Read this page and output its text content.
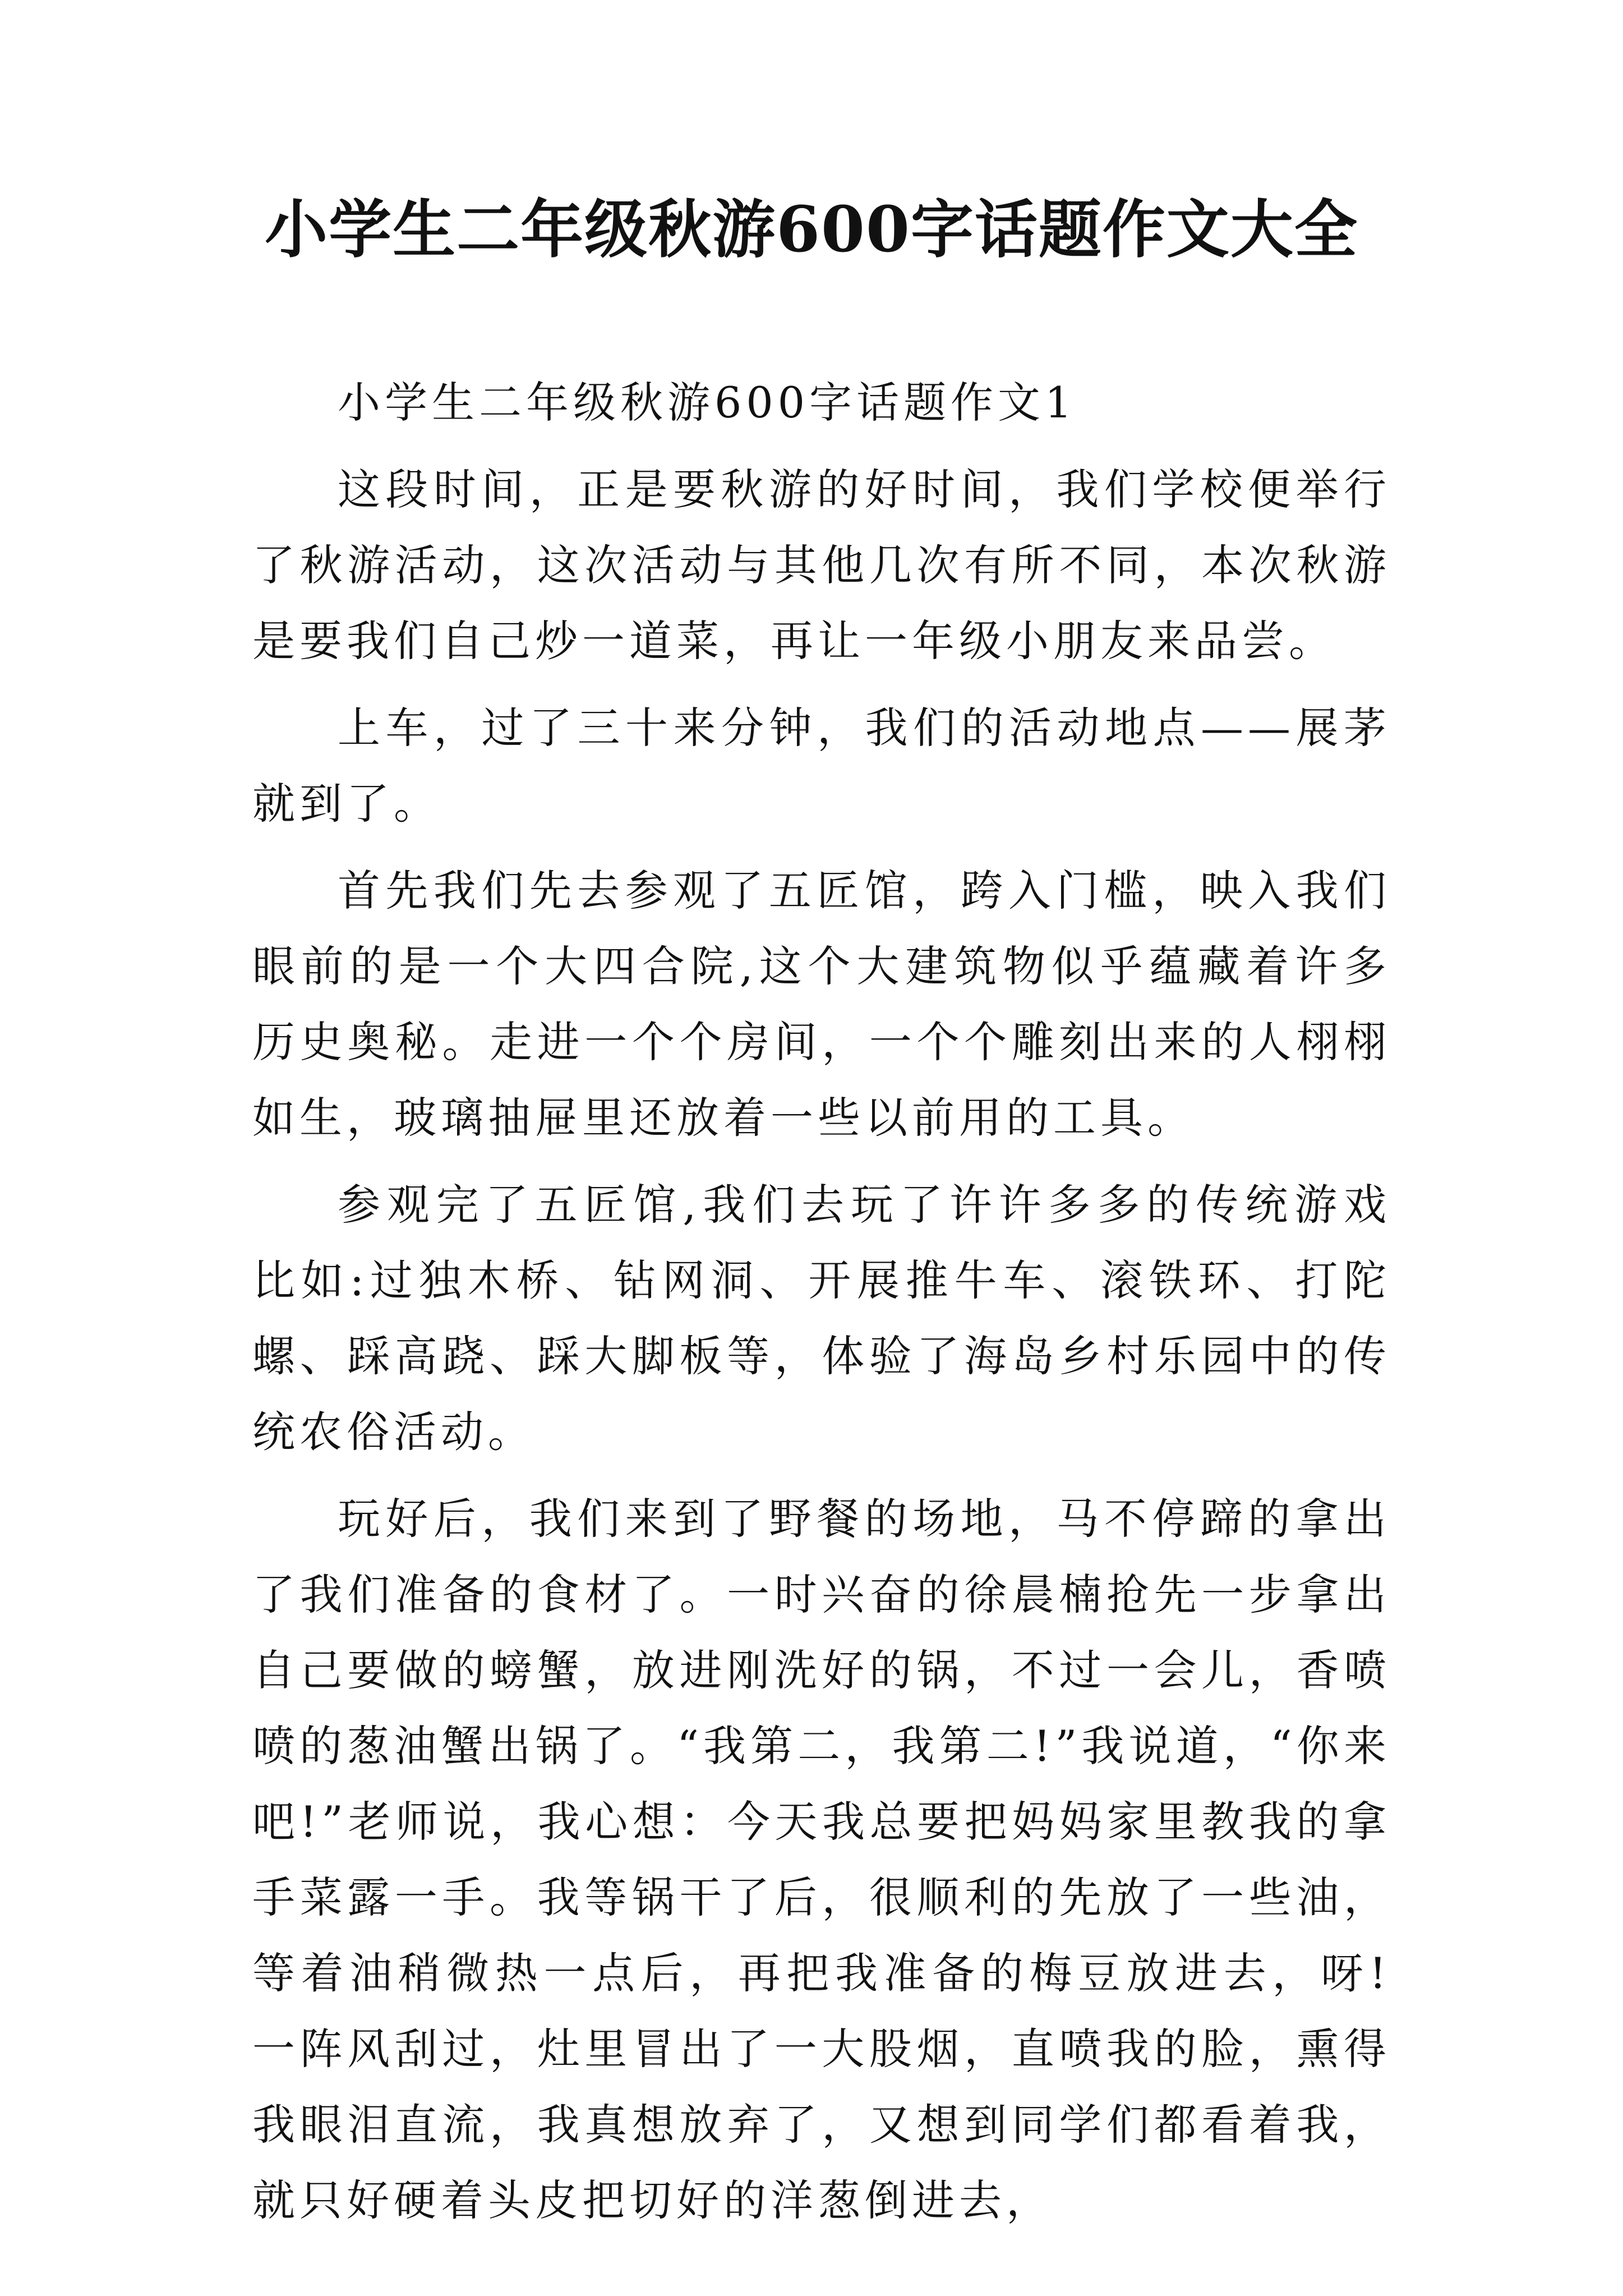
小学生二年级秋游600字话题作文大全

小学生二年级秋游600字话题作文1

这段时间，正是要秋游的好时间，我们学校便举行了秋游活动，这次活动与其他几次有所不同，本次秋游是要我们自己炒一道菜，再让一年级小朋友来品尝。

上车，过了三十来分钟，我们的活动地点——展茅就到了。

首先我们先去参观了五匠馆，跨入门槛，映入我们眼前的是一个大四合院,这个大建筑物似乎蕴藏着许多历史奥秘。走进一个个房间，一个个雕刻出来的人栩栩如生，玻璃抽屉里还放着一些以前用的工具。

参观完了五匠馆,我们去玩了许许多多的传统游戏比如:过独木桥、钻网洞、开展推牛车、滚铁环、打陀螺、踩高跷、踩大脚板等，体验了海岛乡村乐园中的传统农俗活动。

玩好后，我们来到了野餐的场地，马不停蹄的拿出了我们准备的食材了。一时兴奋的徐晨楠抢先一步拿出自己要做的螃蟹，放进刚洗好的锅，不过一会儿，香喷喷的葱油蟹出锅了。“我第二，我第二!”我说道，“你来吧!”老师说，我心想：今天我总要把妈妈家里教我的拿手菜露一手。我等锅干了后，很顺利的先放了一些油，等着油稍微热一点后，再把我准备的梅豆放进去，呀!一阵风刮过，灶里冒出了一大股烟，直喷我的脸，熏得我眼泪直流，我真想放弃了，又想到同学们都看着我，就只好硬着头皮把切好的洋葱倒进去，
